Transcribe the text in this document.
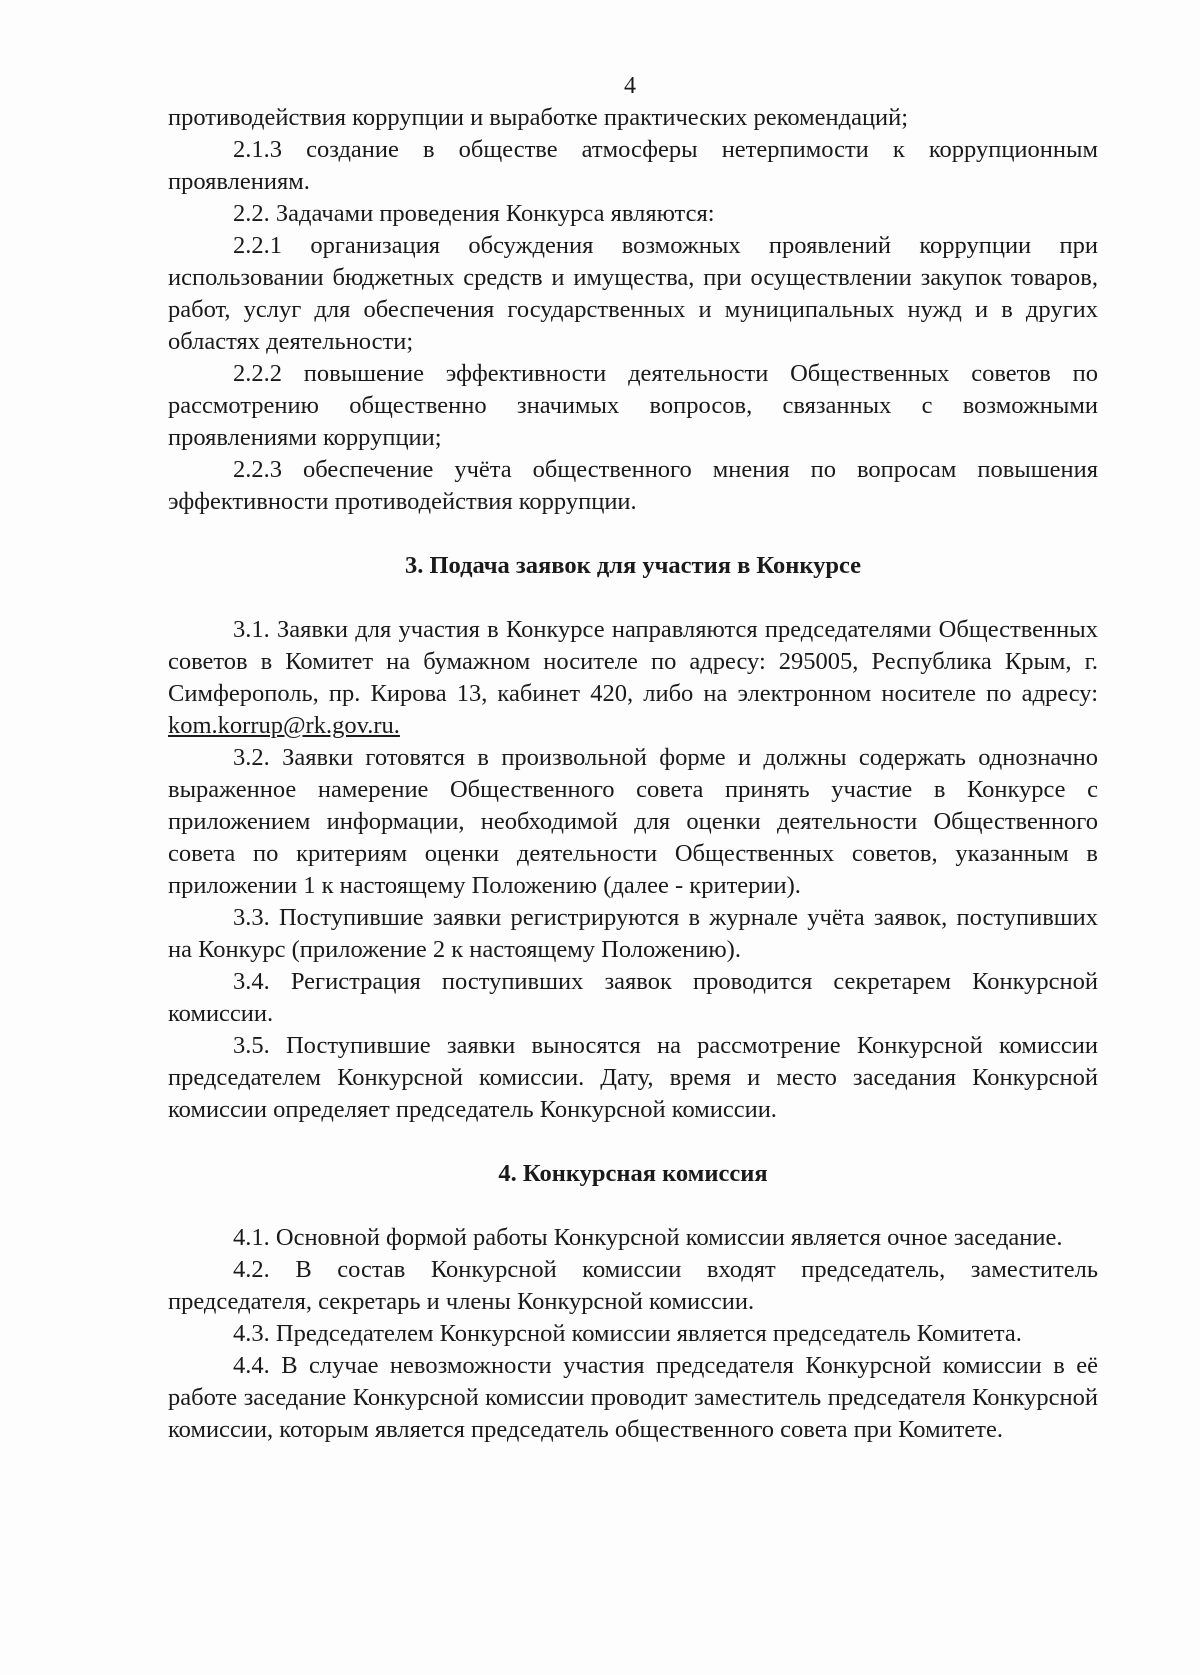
4

противодействия коррупции и выработке практических рекомендаций;

2.1.3 создание в обществе атмосферы нетерпимости к коррупционным проявлениям.

2.2. Задачами проведения Конкурса являются:

2.2.1 организация обсуждения возможных проявлений коррупции при использовании бюджетных средств и имущества, при осуществлении закупок товаров, работ, услуг для обеспечения государственных и муниципальных нужд и в других областях деятельности;

2.2.2 повышение эффективности деятельности Общественных советов по рассмотрению общественно значимых вопросов, связанных с возможными проявлениями коррупции;

2.2.3 обеспечение учёта общественного мнения по вопросам повышения эффективности противодействия коррупции.

3. Подача заявок для участия в Конкурсе

3.1. Заявки для участия в Конкурсе направляются председателями Общественных советов в Комитет на бумажном носителе по адресу: 295005, Республика Крым, г. Симферополь, пр. Кирова 13, кабинет 420, либо на электронном носителе по адресу: kom.korrup@rk.gov.ru.

3.2. Заявки готовятся в произвольной форме и должны содержать однозначно выраженное намерение Общественного совета принять участие в Конкурсе с приложением информации, необходимой для оценки деятельности Общественного совета по критериям оценки деятельности Общественных советов, указанным в приложении 1 к настоящему Положению (далее - критерии).

3.3. Поступившие заявки регистрируются в журнале учёта заявок, поступивших на Конкурс (приложение 2 к настоящему Положению).

3.4. Регистрация поступивших заявок проводится секретарем Конкурсной комиссии.

3.5. Поступившие заявки выносятся на рассмотрение Конкурсной комиссии председателем Конкурсной комиссии. Дату, время и место заседания Конкурсной комиссии определяет председатель Конкурсной комиссии.

4. Конкурсная комиссия

4.1. Основной формой работы Конкурсной комиссии является очное заседание.

4.2. В состав Конкурсной комиссии входят председатель, заместитель председателя, секретарь и члены Конкурсной комиссии.

4.3. Председателем Конкурсной комиссии является председатель Комитета.

4.4. В случае невозможности участия председателя Конкурсной комиссии в её работе заседание Конкурсной комиссии проводит заместитель председателя Конкурсной комиссии, которым является председатель общественного совета при Комитете.
